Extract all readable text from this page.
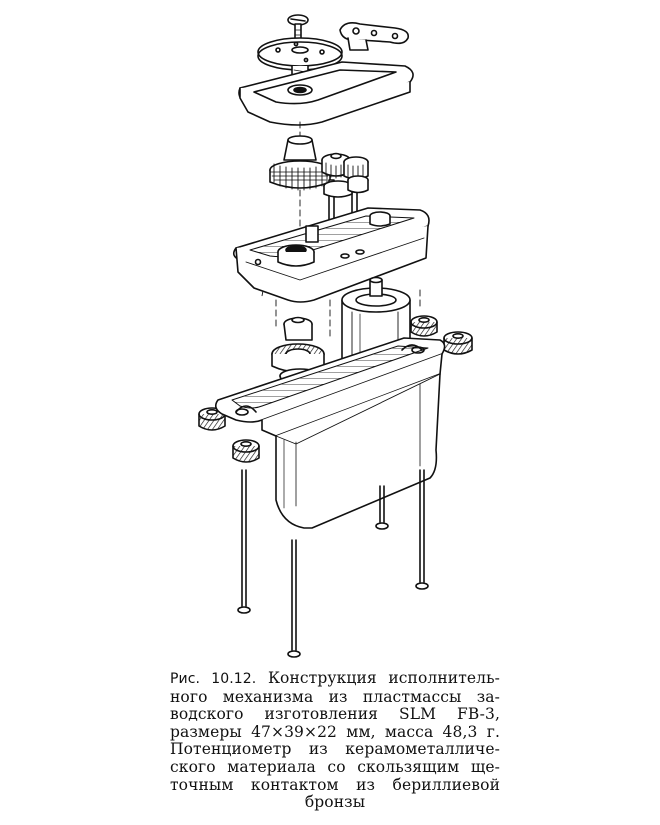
Рис. 10.12. Конструкция исполнитель-
ного механизма из пластмассы за-
водского изготовления SLM FB-3,
размеры 47×39×22 мм, масса 48,3 г.
Потенциометр из керамометалличе-
ского материала со скользящим ще-
точным контактом из бериллиевой
бронзы
